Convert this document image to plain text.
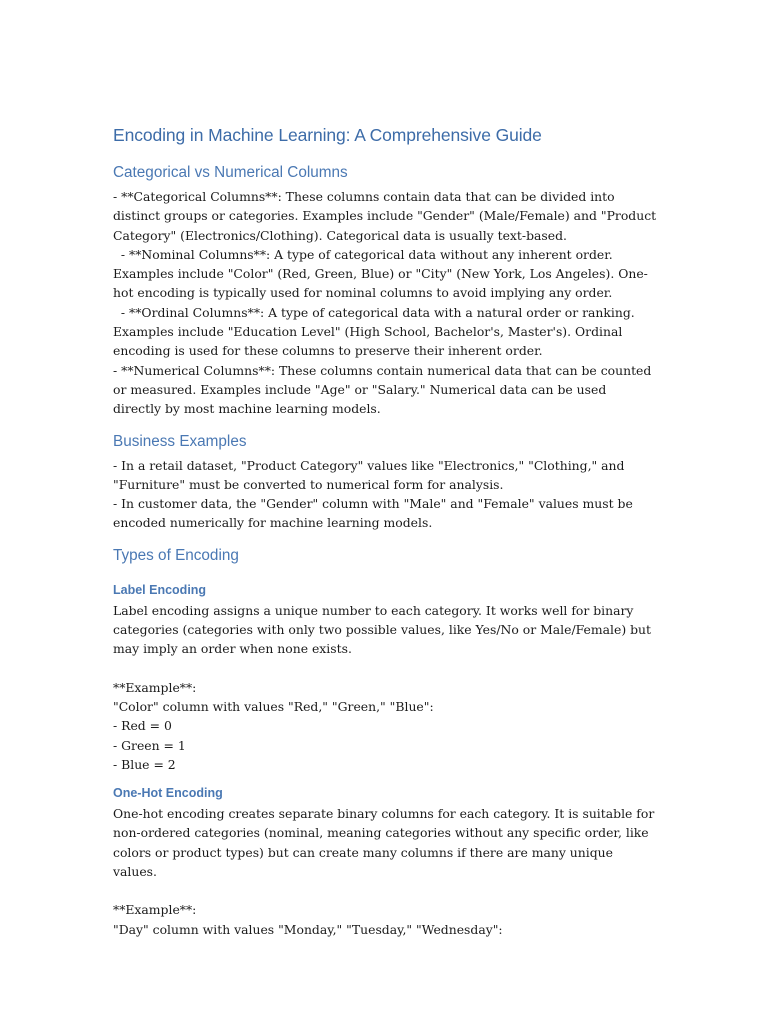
Encoding in Machine Learning: A Comprehensive Guide
Categorical vs Numerical Columns

- **Categorical Columns**: These columns contain data that can be divided into distinct groups or categories. Examples include "Gender" (Male/Female) and "Product Category" (Electronics/Clothing). Categorical data is usually text-based.

- **Nominal Columns**: A type of categorical data without any inherent order. Examples include "Color" (Red, Green, Blue) or "City" (New York, Los Angeles). One-hot encoding is typically used for nominal columns to avoid implying any order.

- **Ordinal Columns**: A type of categorical data with a natural order or ranking. Examples include "Education Level" (High School, Bachelor's, Master's). Ordinal encoding is used for these columns to preserve their inherent order.

- **Numerical Columns**: These columns contain numerical data that can be counted or measured. Examples include "Age" or "Salary." Numerical data can be used directly by most machine learning models.

Business Examples

- In a retail dataset, "Product Category" values like "Electronics," "Clothing," and "Furniture" must be converted to numerical form for analysis.

- In customer data, the "Gender" column with "Male" and "Female" values must be encoded numerically for machine learning models.

Types of Encoding
Label Encoding

Label encoding assigns a unique number to each category. It works well for binary categories (categories with only two possible values, like Yes/No or Male/Female) but may imply an order when none exists.

**Example**:

"Color" column with values "Red," "Green," "Blue":

- Red = 0

- Green = 1

- Blue = 2

One-Hot Encoding

One-hot encoding creates separate binary columns for each category. It is suitable for non-ordered categories (nominal, meaning categories without any specific order, like colors or product types) but can create many columns if there are many unique values.

**Example**:

"Day" column with values "Monday," "Tuesday," "Wednesday":
